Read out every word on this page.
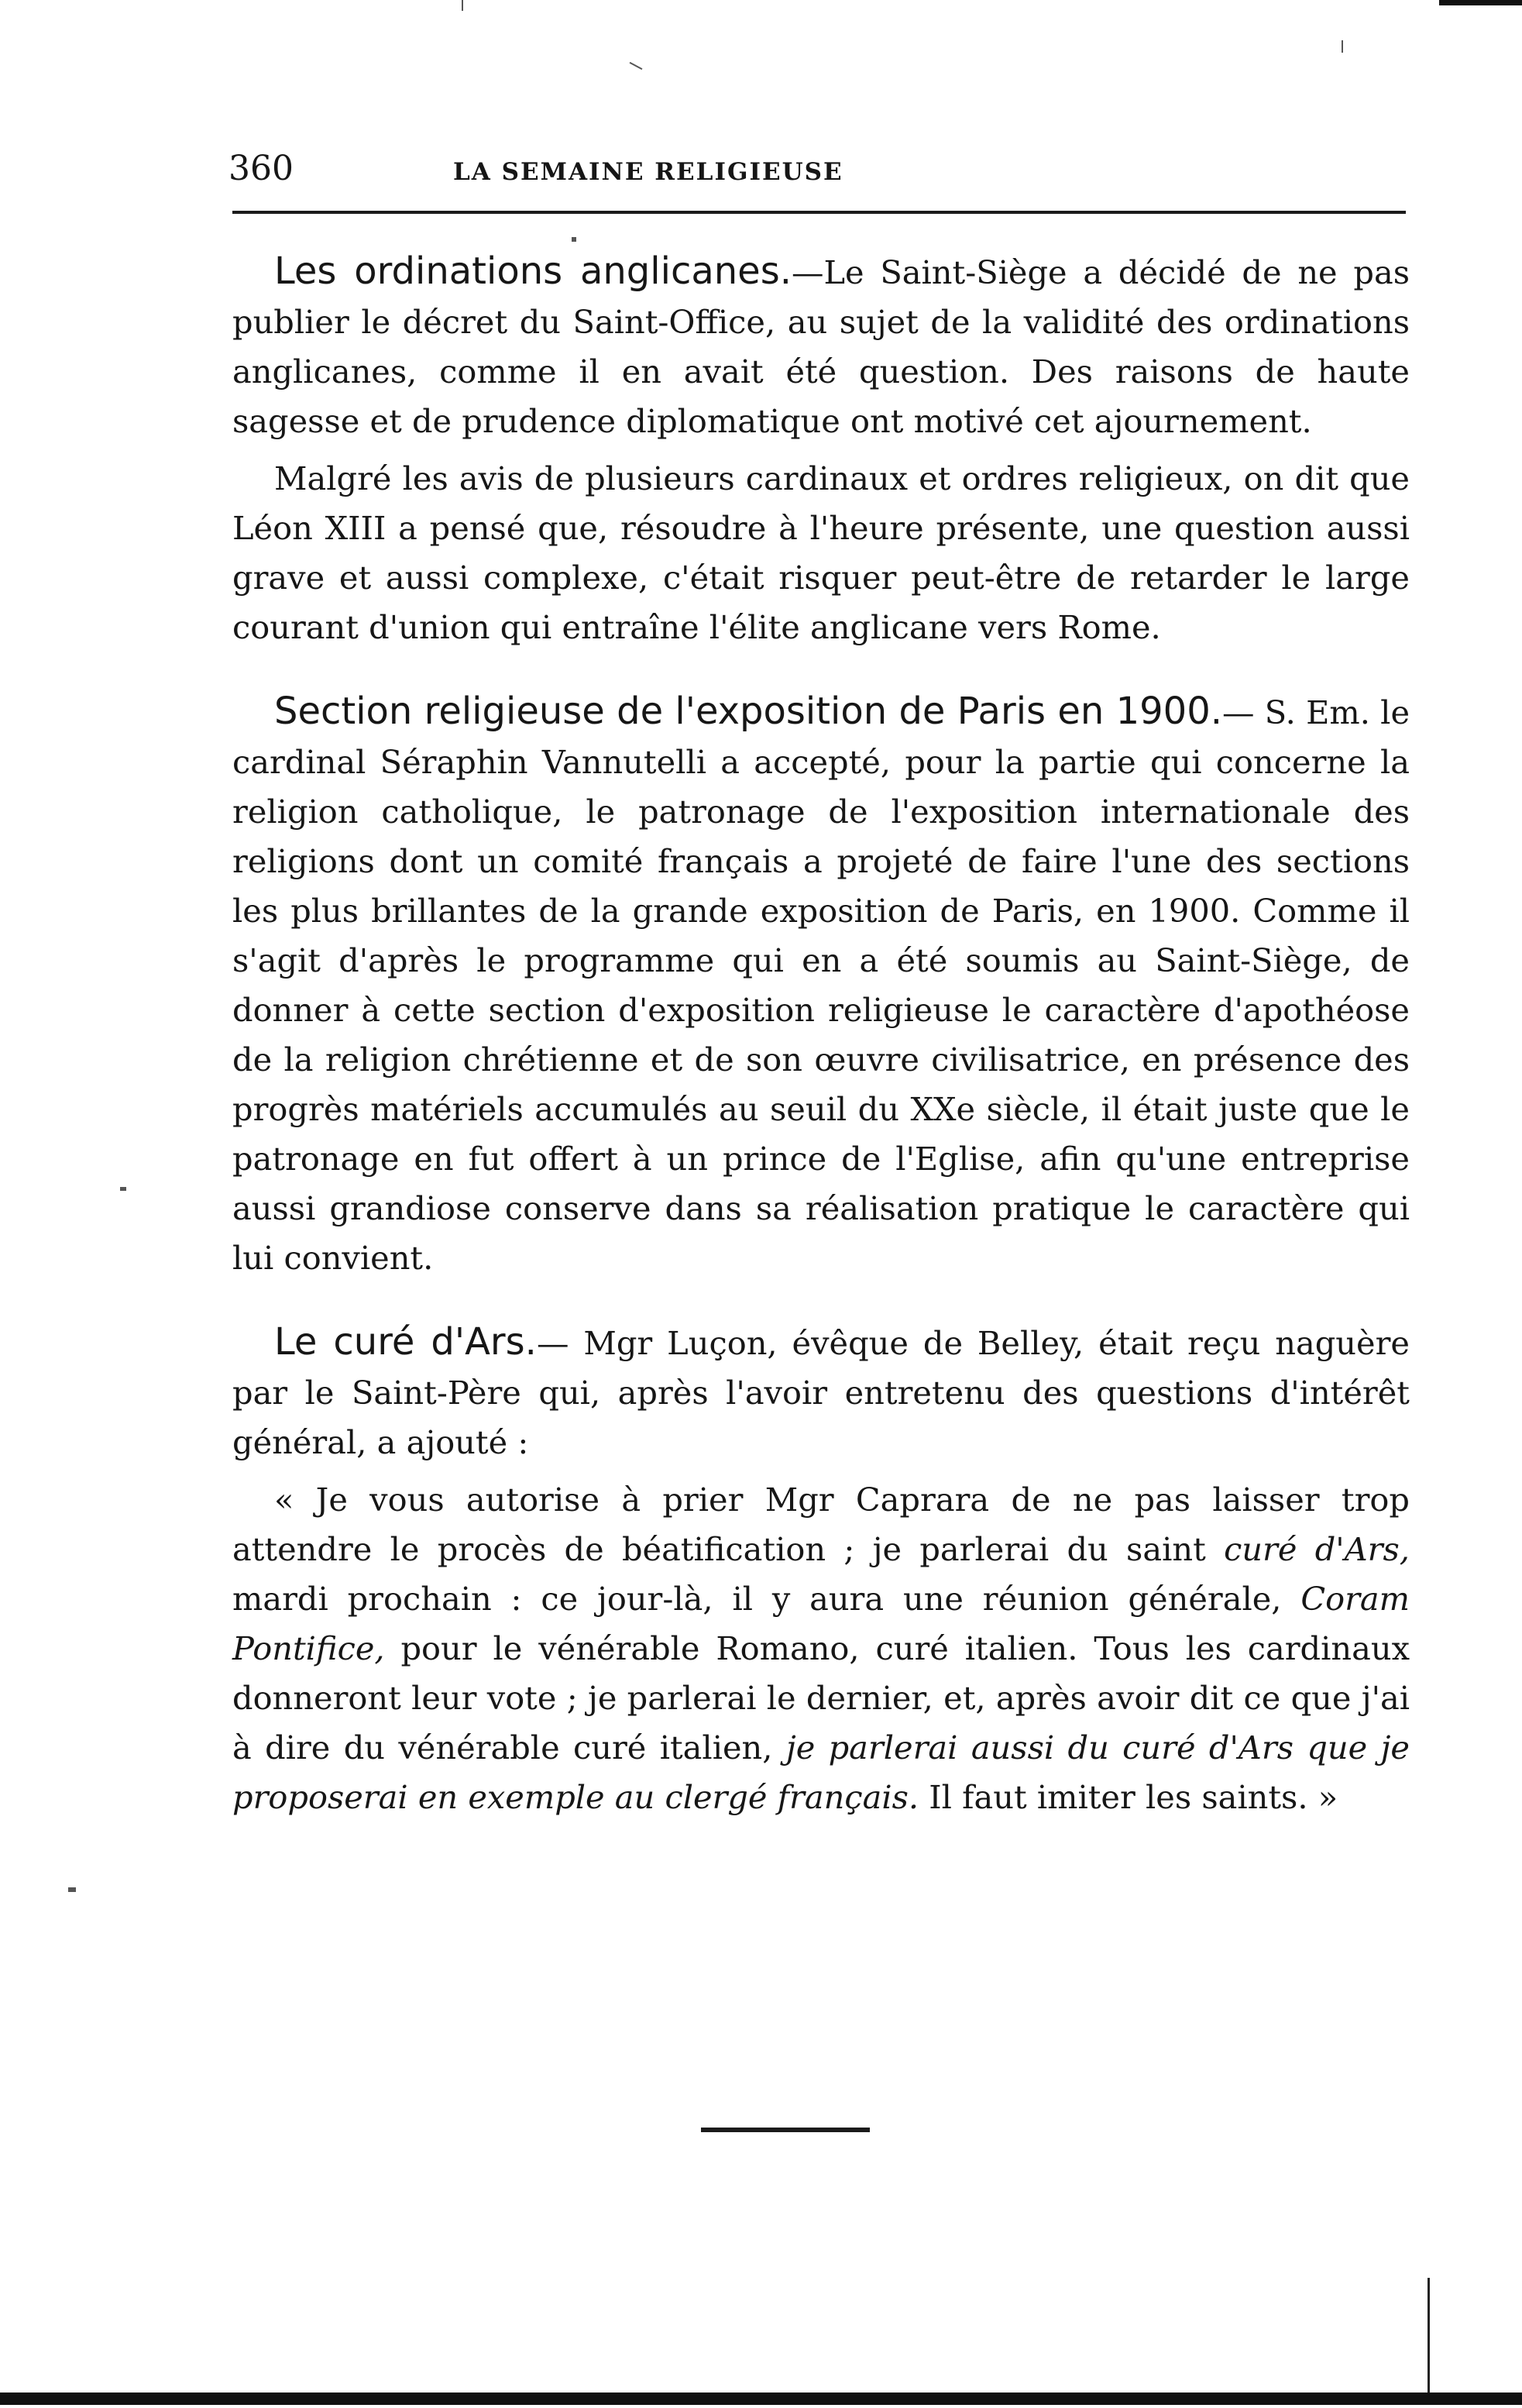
360	LA SEMAINE RELIGIEUSE

Les ordinations anglicanes.—Le Saint-Siège a décidé de ne pas publier le décret du Saint-Office, au sujet de la validité des ordinations anglicanes, comme il en avait été question. Des raisons de haute sagesse et de prudence diplomatique ont motivé cet ajournement.

Malgré les avis de plusieurs cardinaux et ordres religieux, on dit que Léon XIII a pensé que, résoudre à l'heure présente, une question aussi grave et aussi complexe, c'était risquer peut-être de retarder le large courant d'union qui entraîne l'élite anglicane vers Rome.

Section religieuse de l'exposition de Paris en 1900.— S. Em. le cardinal Séraphin Vannutelli a accepté, pour la partie qui concerne la religion catholique, le patronage de l'exposition internationale des religions dont un comité français a projeté de faire l'une des sections les plus brillantes de la grande exposition de Paris, en 1900. Comme il s'agit d'après le programme qui en a été soumis au Saint-Siège, de donner à cette section d'exposition religieuse le caractère d'apothéose de la religion chrétienne et de son œuvre civilisatrice, en présence des progrès matériels accumulés au seuil du XXe siècle, il était juste que le patronage en fut offert à un prince de l'Eglise, afin qu'une entreprise aussi grandiose conserve dans sa réalisation pratique le caractère qui lui convient.

Le curé d'Ars.— Mgr Luçon, évêque de Belley, était reçu naguère par le Saint-Père qui, après l'avoir entretenu des questions d'intérêt général, a ajouté :

« Je vous autorise à prier Mgr Caprara de ne pas laisser trop attendre le procès de béatification ; je parlerai du saint curé d'Ars, mardi prochain : ce jour-là, il y aura une réunion générale, Coram Pontifice, pour le vénérable Romano, curé italien. Tous les cardinaux donneront leur vote ; je parlerai le dernier, et, après avoir dit ce que j'ai à dire du vénérable curé italien, je parlerai aussi du curé d'Ars que je proposerai en exemple au clergé français. Il faut imiter les saints. »
